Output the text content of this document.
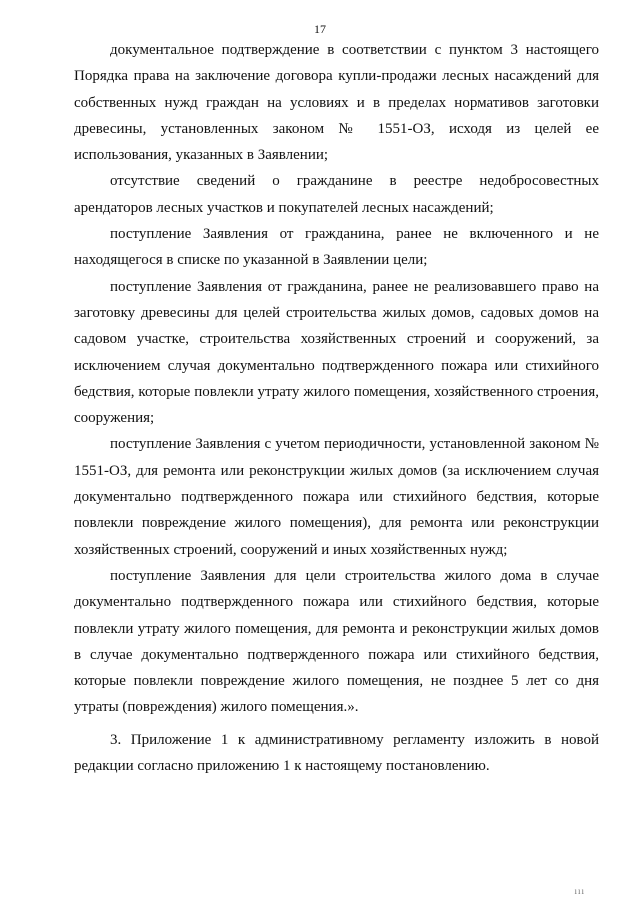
17

документальное подтверждение в соответствии с пунктом 3 настоящего Порядка права на заключение договора купли-продажи лесных насаждений для собственных нужд граждан на условиях и в пределах нормативов заготовки древесины, установленных законом № 1551-ОЗ, исходя из целей ее использования, указанных в Заявлении;

отсутствие сведений о гражданине в реестре недобросовестных арендаторов лесных участков и покупателей лесных насаждений;

поступление Заявления от гражданина, ранее не включенного и не находящегося в списке по указанной в Заявлении цели;

поступление Заявления от гражданина, ранее не реализовавшего право на заготовку древесины для целей строительства жилых домов, садовых домов на садовом участке, строительства хозяйственных строений и сооружений, за исключением случая документально подтвержденного пожара или стихийного бедствия, которые повлекли утрату жилого помещения, хозяйственного строения, сооружения;

поступление Заявления с учетом периодичности, установленной законом № 1551-ОЗ, для ремонта или реконструкции жилых домов (за исключением случая документально подтвержденного пожара или стихийного бедствия, которые повлекли повреждение жилого помещения), для ремонта или реконструкции хозяйственных строений, сооружений и иных хозяйственных нужд;

поступление Заявления для цели строительства жилого дома в случае документально подтвержденного пожара или стихийного бедствия, которые повлекли утрату жилого помещения, для ремонта и реконструкции жилых домов в случае документально подтвержденного пожара или стихийного бедствия, которые повлекли повреждение жилого помещения, не позднее 5 лет со дня утраты (повреждения) жилого помещения.».

3. Приложение 1 к административному регламенту изложить в новой редакции согласно приложению 1 к настоящему постановлению.

ııı
